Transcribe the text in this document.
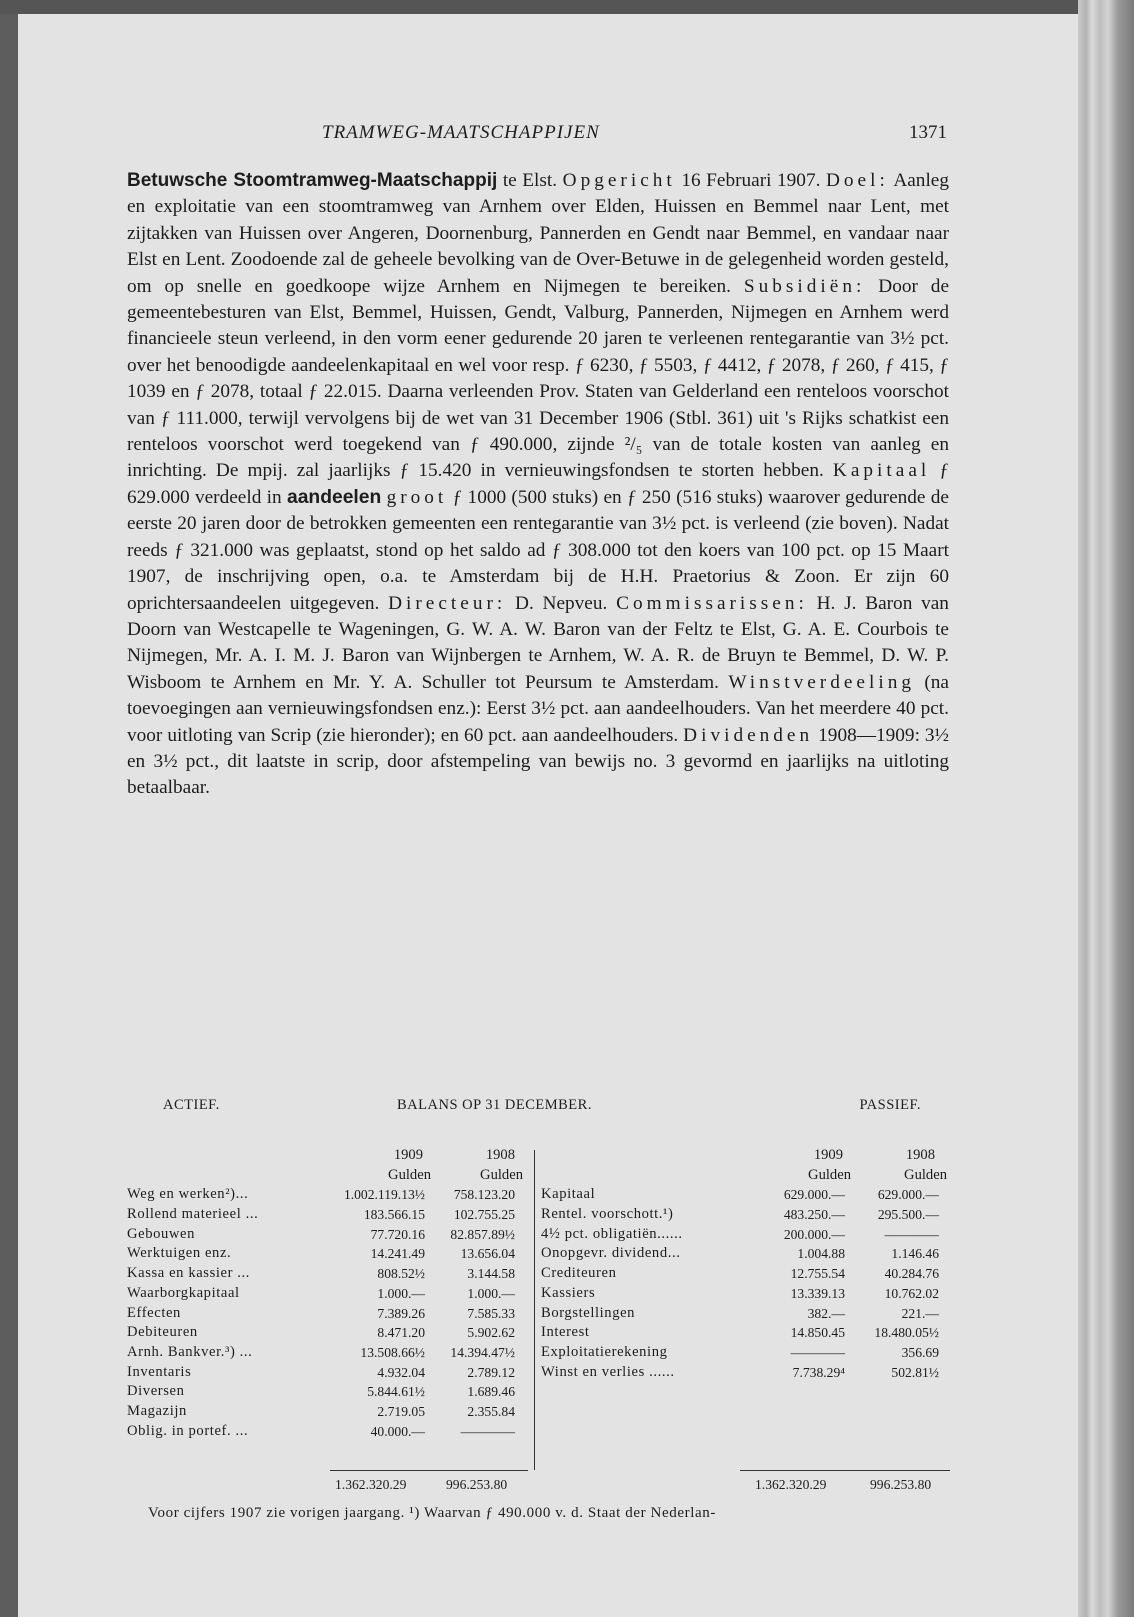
TRAMWEG-MAATSCHAPPIJEN	1371
Betuwsche Stoomtramweg-Maatschappij te Elst. Opgericht 16 Februari 1907. Doel: Aanleg en exploitatie van een stoomtramweg van Arnhem over Elden, Huissen en Bemmel naar Lent, met zijtakken van Huissen over Angeren, Doornenburg, Pannerden en Gendt naar Bemmel, en vandaar naar Elst en Lent. Zoodoende zal de geheele bevolking van de Over-Betuwe in de gelegenheid worden gesteld, om op snelle en goedkoope wijze Arnhem en Nijmegen te bereiken. Subsidiën: Door de gemeentebesturen van Elst, Bemmel, Huissen, Gendt, Valburg, Pannerden, Nijmegen en Arnhem werd financieele steun verleend, in den vorm eener gedurende 20 jaren te verleenen rentegarantie van 3½ pct. over het benoodigde aandeelenkapitaal en wel voor resp. ƒ 6230, ƒ 5503, ƒ 4412, ƒ 2078, ƒ 260, ƒ 415, ƒ 1039 en ƒ 2078, totaal ƒ 22.015. Daarna verleenden Prov. Staten van Gelderland een renteloos voorschot van ƒ 111.000, terwijl vervolgens bij de wet van 31 December 1906 (Stbl. 361) uit 's Rijks schatkist een renteloos voorschot werd toegekend van ƒ 490.000, zijnde ²/₅ van de totale kosten van aanleg en inrichting. De mpij. zal jaarlijks ƒ 15.420 in vernieuwingsfondsen te storten hebben. Kapitaal ƒ 629.000 verdeeld in aandeelen groot ƒ 1000 (500 stuks) en ƒ 250 (516 stuks) waarover gedurende de eerste 20 jaren door de betrokken gemeenten een rentegarantie van 3½ pct. is verleend (zie boven). Nadat reeds ƒ 321.000 was geplaatst, stond op het saldo ad ƒ 308.000 tot den koers van 100 pct. op 15 Maart 1907, de inschrijving open, o.a. te Amsterdam bij de H.H. Praetorius & Zoon. Er zijn 60 oprichtersaandeelen uitgegeven. Directeur: D. Nepveu. Commissarissen: H. J. Baron van Doorn van Westcapelle te Wageningen, G. W. A. W. Baron van der Feltz te Elst, G. A. E. Courbois te Nijmegen, Mr. A. I. M. J. Baron van Wijnbergen te Arnhem, W. A. R. de Bruyn te Bemmel, D. W. P. Wisboom te Arnhem en Mr. Y. A. Schuller tot Peursum te Amsterdam. Winstverdeeling (na toevoegingen aan vernieuwingsfondsen enz.): Eerst 3½ pct. aan aandeelhouders. Van het meerdere 40 pct. voor uitloting van Scrip (zie hieronder); en 60 pct. aan aandeelhouders. Dividenden 1908—1909: 3½ en 3½ pct., dit laatste in scrip, door afstempeling van bewijs no. 3 gevormd en jaarlijks na uitloting betaalbaar.
ACTIEF.	BALANS OP 31 DECEMBER.	PASSIEF.
1909	1908
Gulden	Gulden
Weg en werken²)...	1.002.119.13½	758.123.20
Rollend materieel ...	183.566.15	102.755.25
Gebouwen	77.720.16	82.857.89½
Werktuigen enz.	14.241.49	13.656.04
Kassa en kassier ...	808.52½	3.144.58
Waarborgkapitaal	1.000.—	1.000.—
Effecten	7.389.26	7.585.33
Debiteuren	8.471.20	5.902.62
Arnh. Bankver.³) ...	13.508.66½	14.394.47½
Inventaris	4.932.04	2.789.12
Diversen	5.844.61½	1.689.46
Magazijn	2.719.05	2.355.84
Oblig. in portef. ...	40.000.—	————
1909	1908
Gulden	Gulden
Kapitaal	629.000.—	629.000.—
Rentel. voorschott.¹)	483.250.—	295.500.—
4½ pct. obligatiën......	200.000.—	————
Onopgevr. dividend...	1.004.88	1.146.46
Crediteuren	12.755.54	40.284.76
Kassiers	13.339.13	10.762.02
Borgstellingen	382.—	221.—
Interest	14.850.45	18.480.05½
Exploitatierekening	————	356.69
Winst en verlies ......	7.738.29⁴	502.81½
1.362.320.29	996.253.80	1.362.320.29	996.253.80
Voor cijfers 1907 zie vorigen jaargang. ¹) Waarvan ƒ 490.000 v. d. Staat der Nederlan-
